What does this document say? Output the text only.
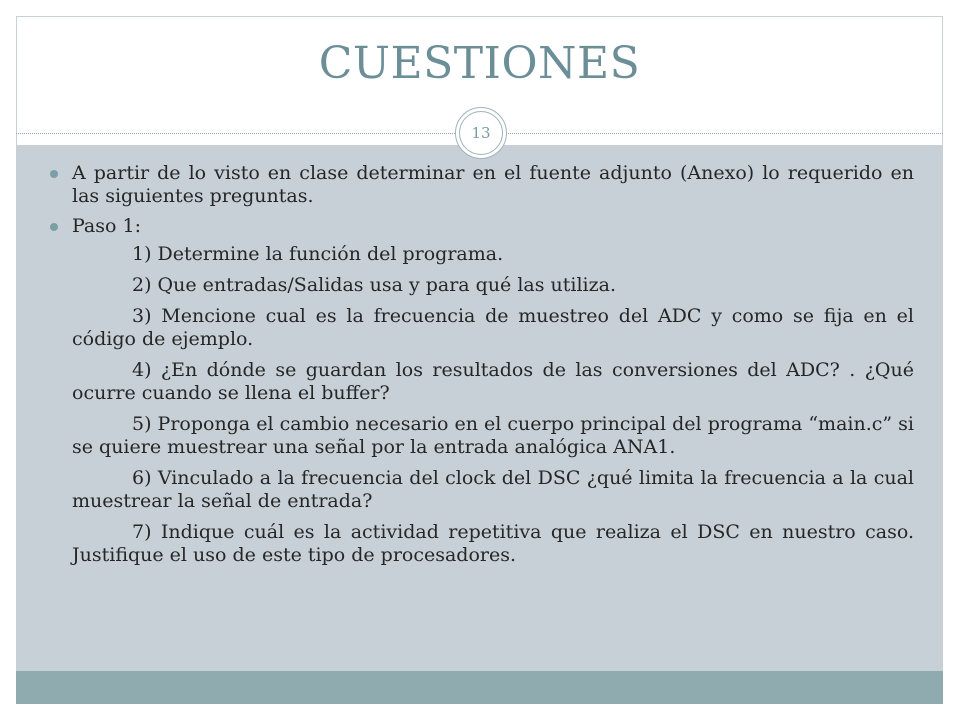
CUESTIONES
13

A partir de lo visto en clase determinar en el fuente adjunto (Anexo) lo requerido en las siguientes preguntas.

Paso 1:

1) Determine la función del programa.

2) Que entradas/Salidas usa y para qué las utiliza.

3) Mencione cual es la frecuencia de muestreo del ADC y como se fija en el código de ejemplo.

4) ¿En dónde se guardan los resultados de las conversiones del ADC? . ¿Qué ocurre cuando se llena el buffer?

5) Proponga el cambio necesario en el cuerpo principal del programa “main.c” si se quiere muestrear una señal por la entrada analógica ANA1.

6) Vinculado a la frecuencia del clock del DSC ¿qué limita la frecuencia a la cual muestrear la señal de entrada?

7) Indique cuál es la actividad repetitiva que realiza el DSC en nuestro caso. Justifique el uso de este tipo de procesadores.
